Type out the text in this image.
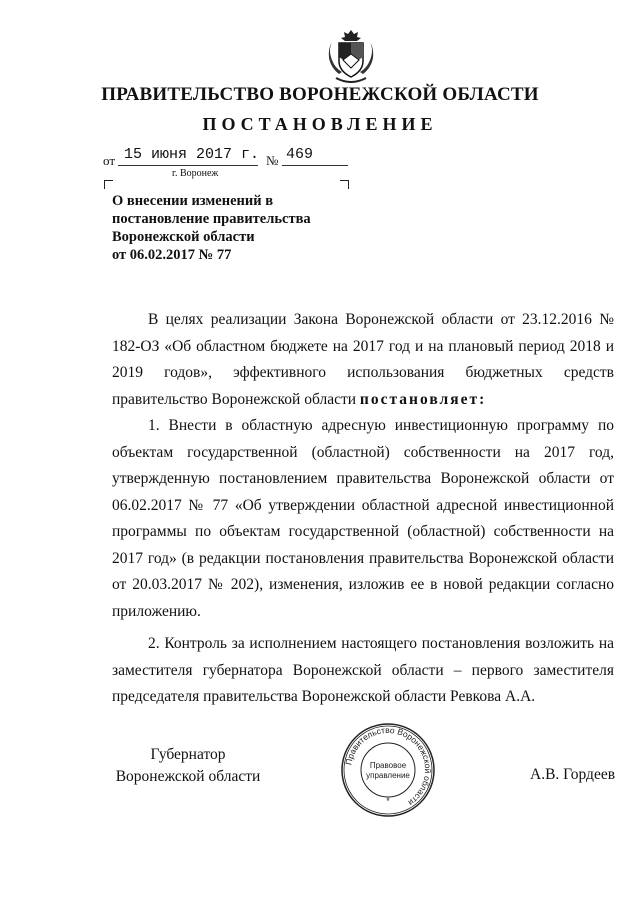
ПРАВИТЕЛЬСТВО ВОРОНЕЖСКОЙ ОБЛАСТИ
ПОСТАНОВЛЕНИЕ
от 15 июня 2017 г. № 469
г. Воронеж
О внесении изменений в
постановление правительства
Воронежской области
от 06.02.2017 № 77

В целях реализации Закона Воронежской области от 23.12.2016 № 182-ОЗ «Об областном бюджете на 2017 год и на плановый период 2018 и 2019 годов», эффективного использования бюджетных средств правительство Воронежской области постановляет:

1. Внести в областную адресную инвестиционную программу по объектам государственной (областной) собственности на 2017 год, утвержденную постановлением правительства Воронежской области от 06.02.2017 № 77 «Об утверждении областной адресной инвестиционной программы по объектам государственной (областной) собственности на 2017 год» (в редакции постановления правительства Воронежской области от 20.03.2017 № 202), изменения, изложив ее в новой редакции согласно приложению.

2. Контроль за исполнением настоящего постановления возложить на заместителя губернатора Воронежской области – первого заместителя председателя правительства Воронежской области Ревкова А.А.

Губернатор
Воронежской области	А.В. Гордеев
Правительство Воронежской области
Правовое
управление
*
